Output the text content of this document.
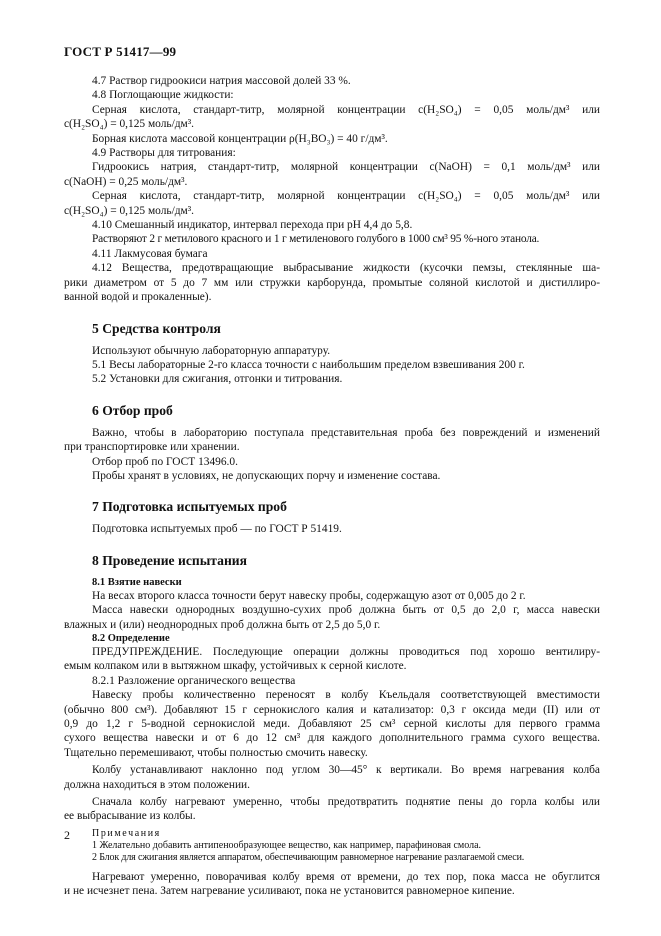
ГОСТ Р 51417—99
4.7 Раствор гидроокиси натрия массовой долей 33 %.
4.8 Поглощающие жидкости:
Серная кислота, стандарт-титр, молярной концентрации с(H₂SO₄) = 0,05 моль/дм³ или
с(H₂SO₄) = 0,125 моль/дм³.
Борная кислота массовой концентрации ρ(H₃BO₃) = 40 г/дм³.
4.9 Растворы для титрования:
Гидроокись натрия, стандарт-титр, молярной концентрации с(NaOH) = 0,1 моль/дм³ или
с(NaOH) = 0,25 моль/дм³.
Серная кислота, стандарт-титр, молярной концентрации с(H₂SO₄) = 0,05 моль/дм³ или
с(H₂SO₄) = 0,125 моль/дм³.
4.10 Смешанный индикатор, интервал перехода при pH 4,4 до 5,8.
Растворяют 2 г метилового красного и 1 г метиленового голубого в 1000 см³ 95 %-ного этанола.
4.11 Лакмусовая бумага
4.12 Вещества, предотвращающие выбрасывание жидкости (кусочки пемзы, стеклянные ша-
рики диаметром от 5 до 7 мм или стружки карборунда, промытые соляной кислотой и дистиллиро-
ванной водой и прокаленные).
5 Средства контроля
Используют обычную лабораторную аппаратуру.
5.1 Весы лабораторные 2-го класса точности с наибольшим пределом взвешивания 200 г.
5.2 Установки для сжигания, отгонки и титрования.
6 Отбор проб
Важно, чтобы в лабораторию поступала представительная проба без повреждений и изменений
при транспортировке или хранении.
Отбор проб по ГОСТ 13496.0.
Пробы хранят в условиях, не допускающих порчу и изменение состава.
7 Подготовка испытуемых проб
Подготовка испытуемых проб — по ГОСТ Р 51419.
8 Проведение испытания
8.1 Взятие навески
На весах второго класса точности берут навеску пробы, содержащую азот от 0,005 до 2 г.
Масса навески однородных воздушно-сухих проб должна быть от 0,5 до 2,0 г, масса навески
влажных и (или) неоднородных проб должна быть от 2,5 до 5,0 г.
8.2 Определение
ПРЕДУПРЕЖДЕНИЕ. Последующие операции должны проводиться под хорошо вентилиру-
емым колпаком или в вытяжном шкафу, устойчивых к серной кислоте.
8.2.1 Разложение органического вещества
Навеску пробы количественно переносят в колбу Къельдаля соответствующей вместимости
(обычно 800 см³). Добавляют 15 г сернокислого калия и катализатор: 0,3 г оксида меди (II) или от
0,9 до 1,2 г 5-водной сернокислой меди. Добавляют 25 см³ серной кислоты для первого грамма
сухого вещества навески и от 6 до 12 см³ для каждого дополнительного грамма сухого вещества.
Тщательно перемешивают, чтобы полностью смочить навеску.
Колбу устанавливают наклонно под углом 30—45° к вертикали. Во время нагревания колба
должна находиться в этом положении.
Сначала колбу нагревают умеренно, чтобы предотвратить поднятие пены до горла колбы или
ее выбрасывание из колбы.
Примечания
1 Желательно добавить антипенообразующее вещество, как например, парафиновая смола.
2 Блок для сжигания является аппаратом, обеспечивающим равномерное нагревание разлагаемой смеси.
Нагревают умеренно, поворачивая колбу время от времени, до тех пор, пока масса не обуглится
и не исчезнет пена. Затем нагревание усиливают, пока не установится равномерное кипение.
2
